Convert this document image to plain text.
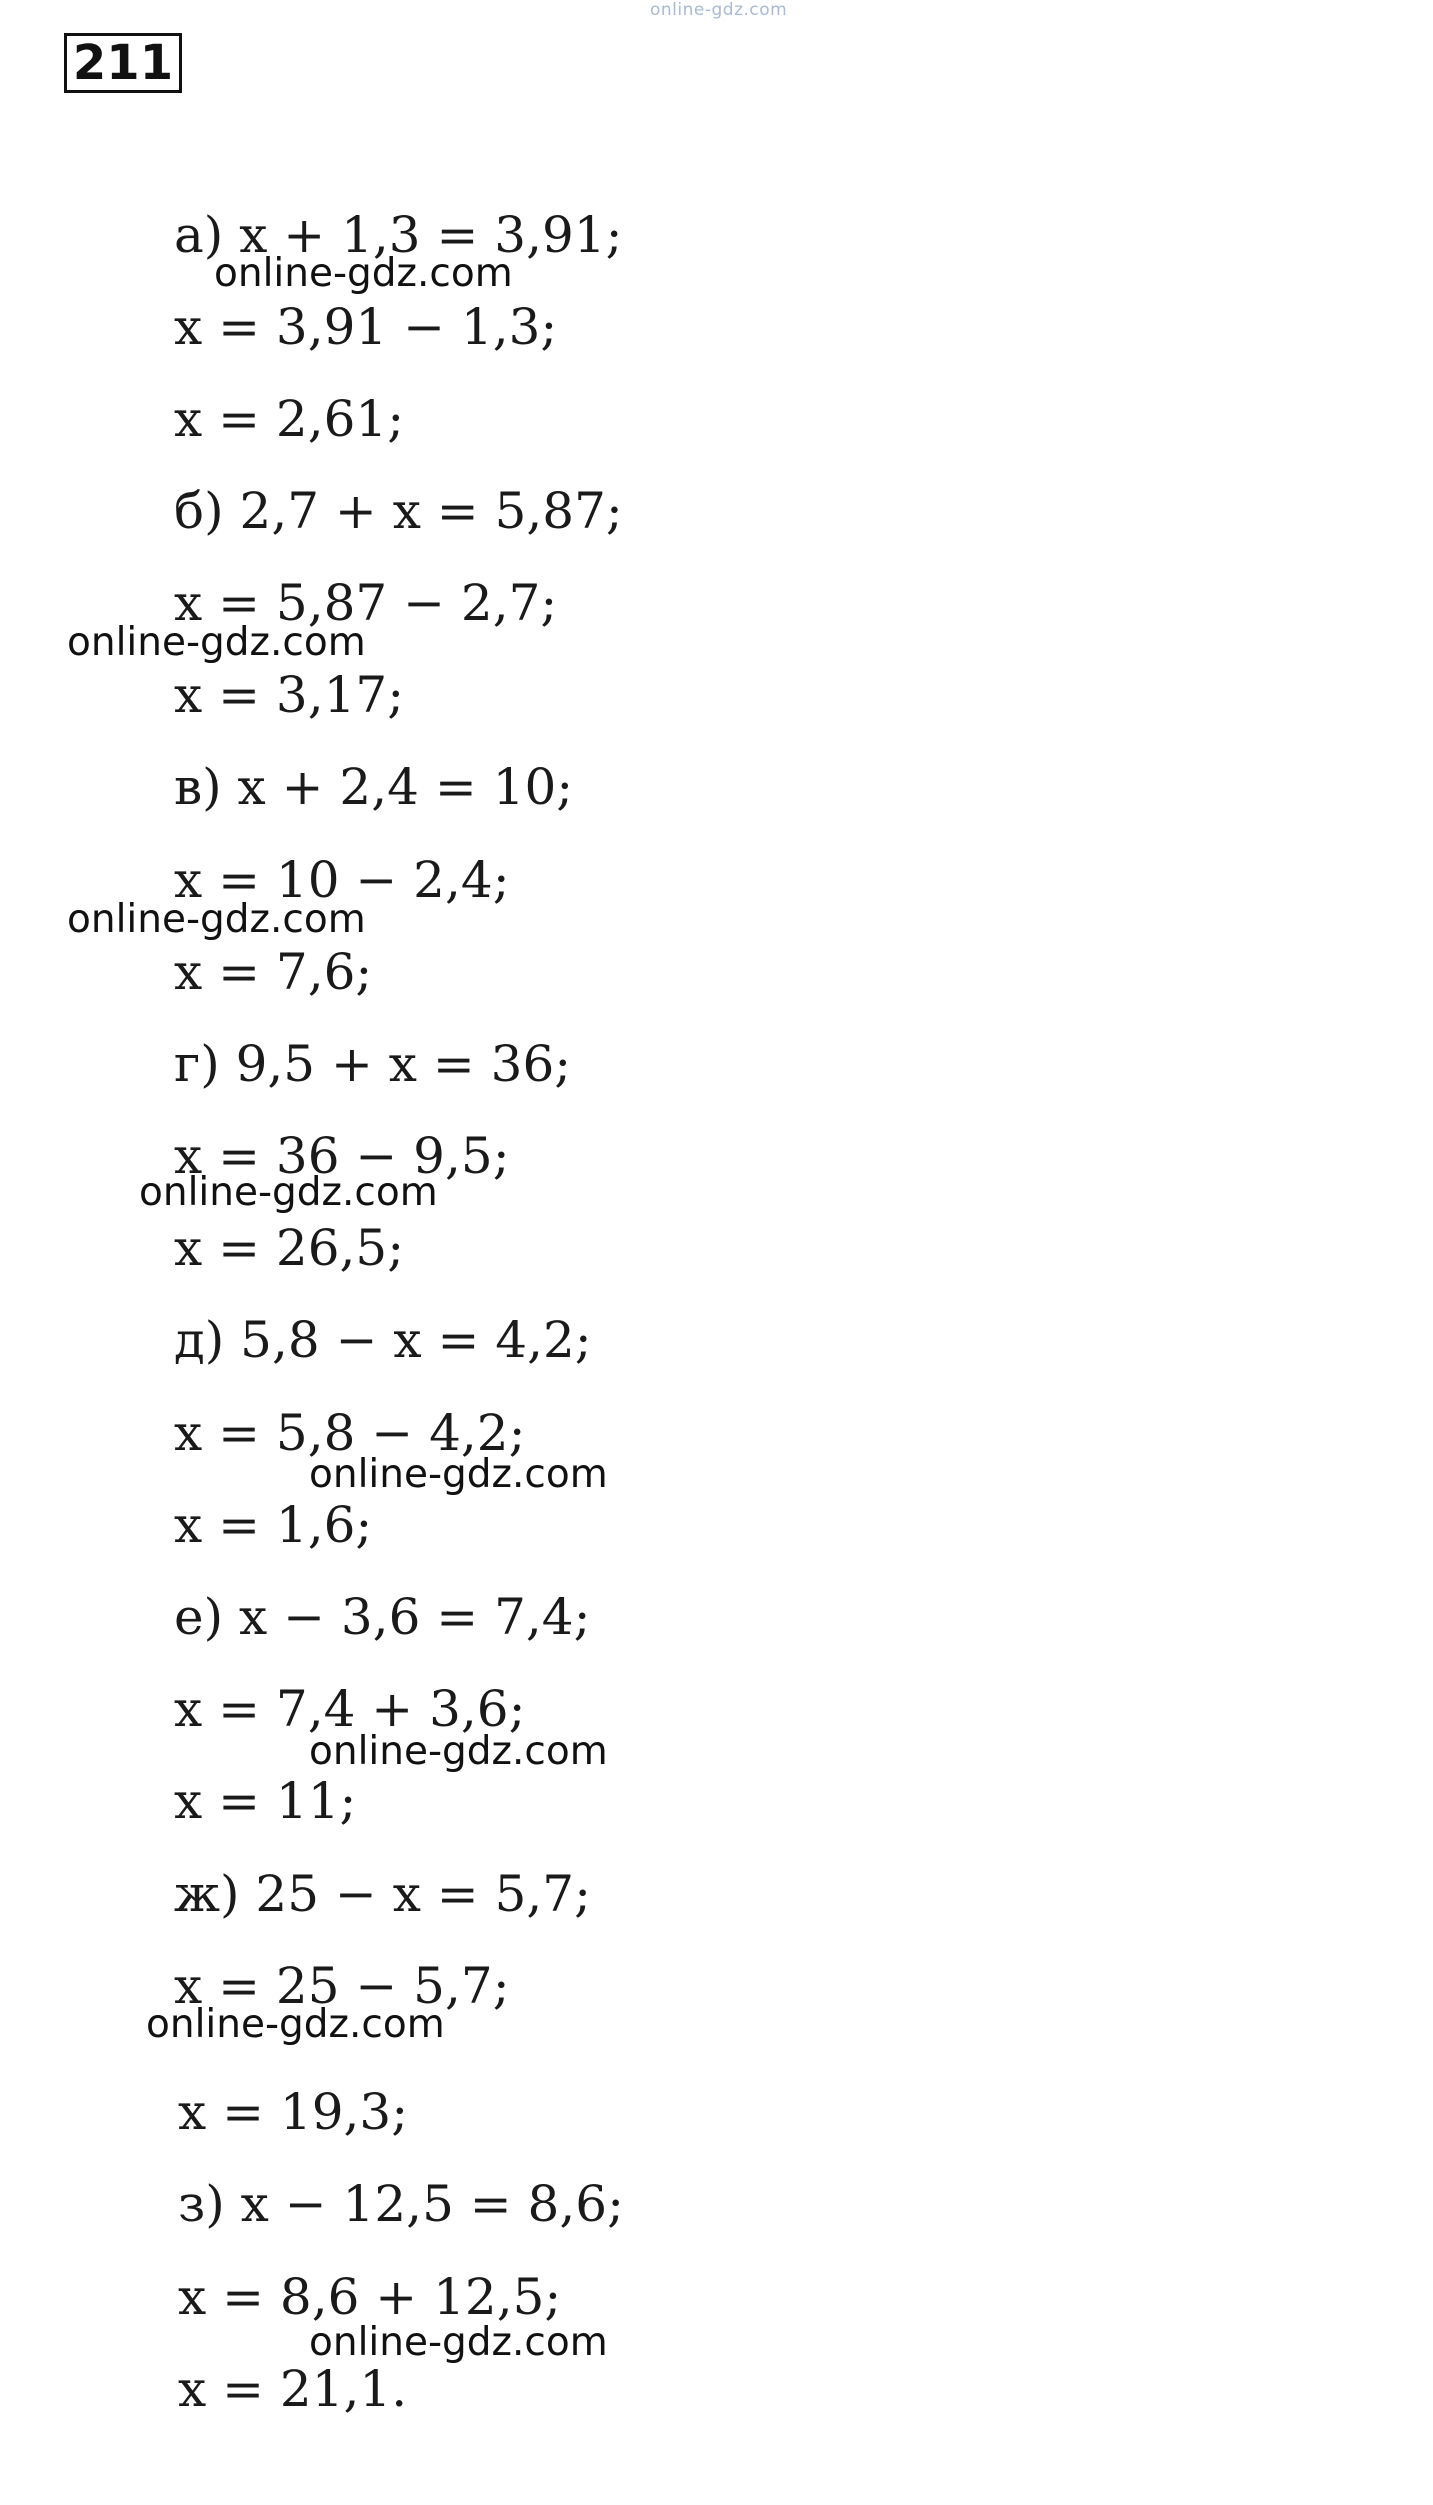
online-gdz.com
211
а) x + 1,3 = 3,91;
x = 3,91 − 1,3;
x = 2,61;
б) 2,7 + x = 5,87;
x = 5,87 − 2,7;
x = 3,17;
в) x + 2,4 = 10;
x = 10 − 2,4;
x = 7,6;
г) 9,5 + x = 36;
x = 36 − 9,5;
x = 26,5;
д) 5,8 − x = 4,2;
x = 5,8 − 4,2;
x = 1,6;
е) x − 3,6 = 7,4;
x = 7,4 + 3,6;
x = 11;
ж) 25 − x = 5,7;
x = 25 − 5,7;
x = 19,3;
з) x − 12,5 = 8,6;
x = 8,6 + 12,5;
x = 21,1.
online-gdz.com
online-gdz.com
online-gdz.com
online-gdz.com
online-gdz.com
online-gdz.com
online-gdz.com
online-gdz.com
